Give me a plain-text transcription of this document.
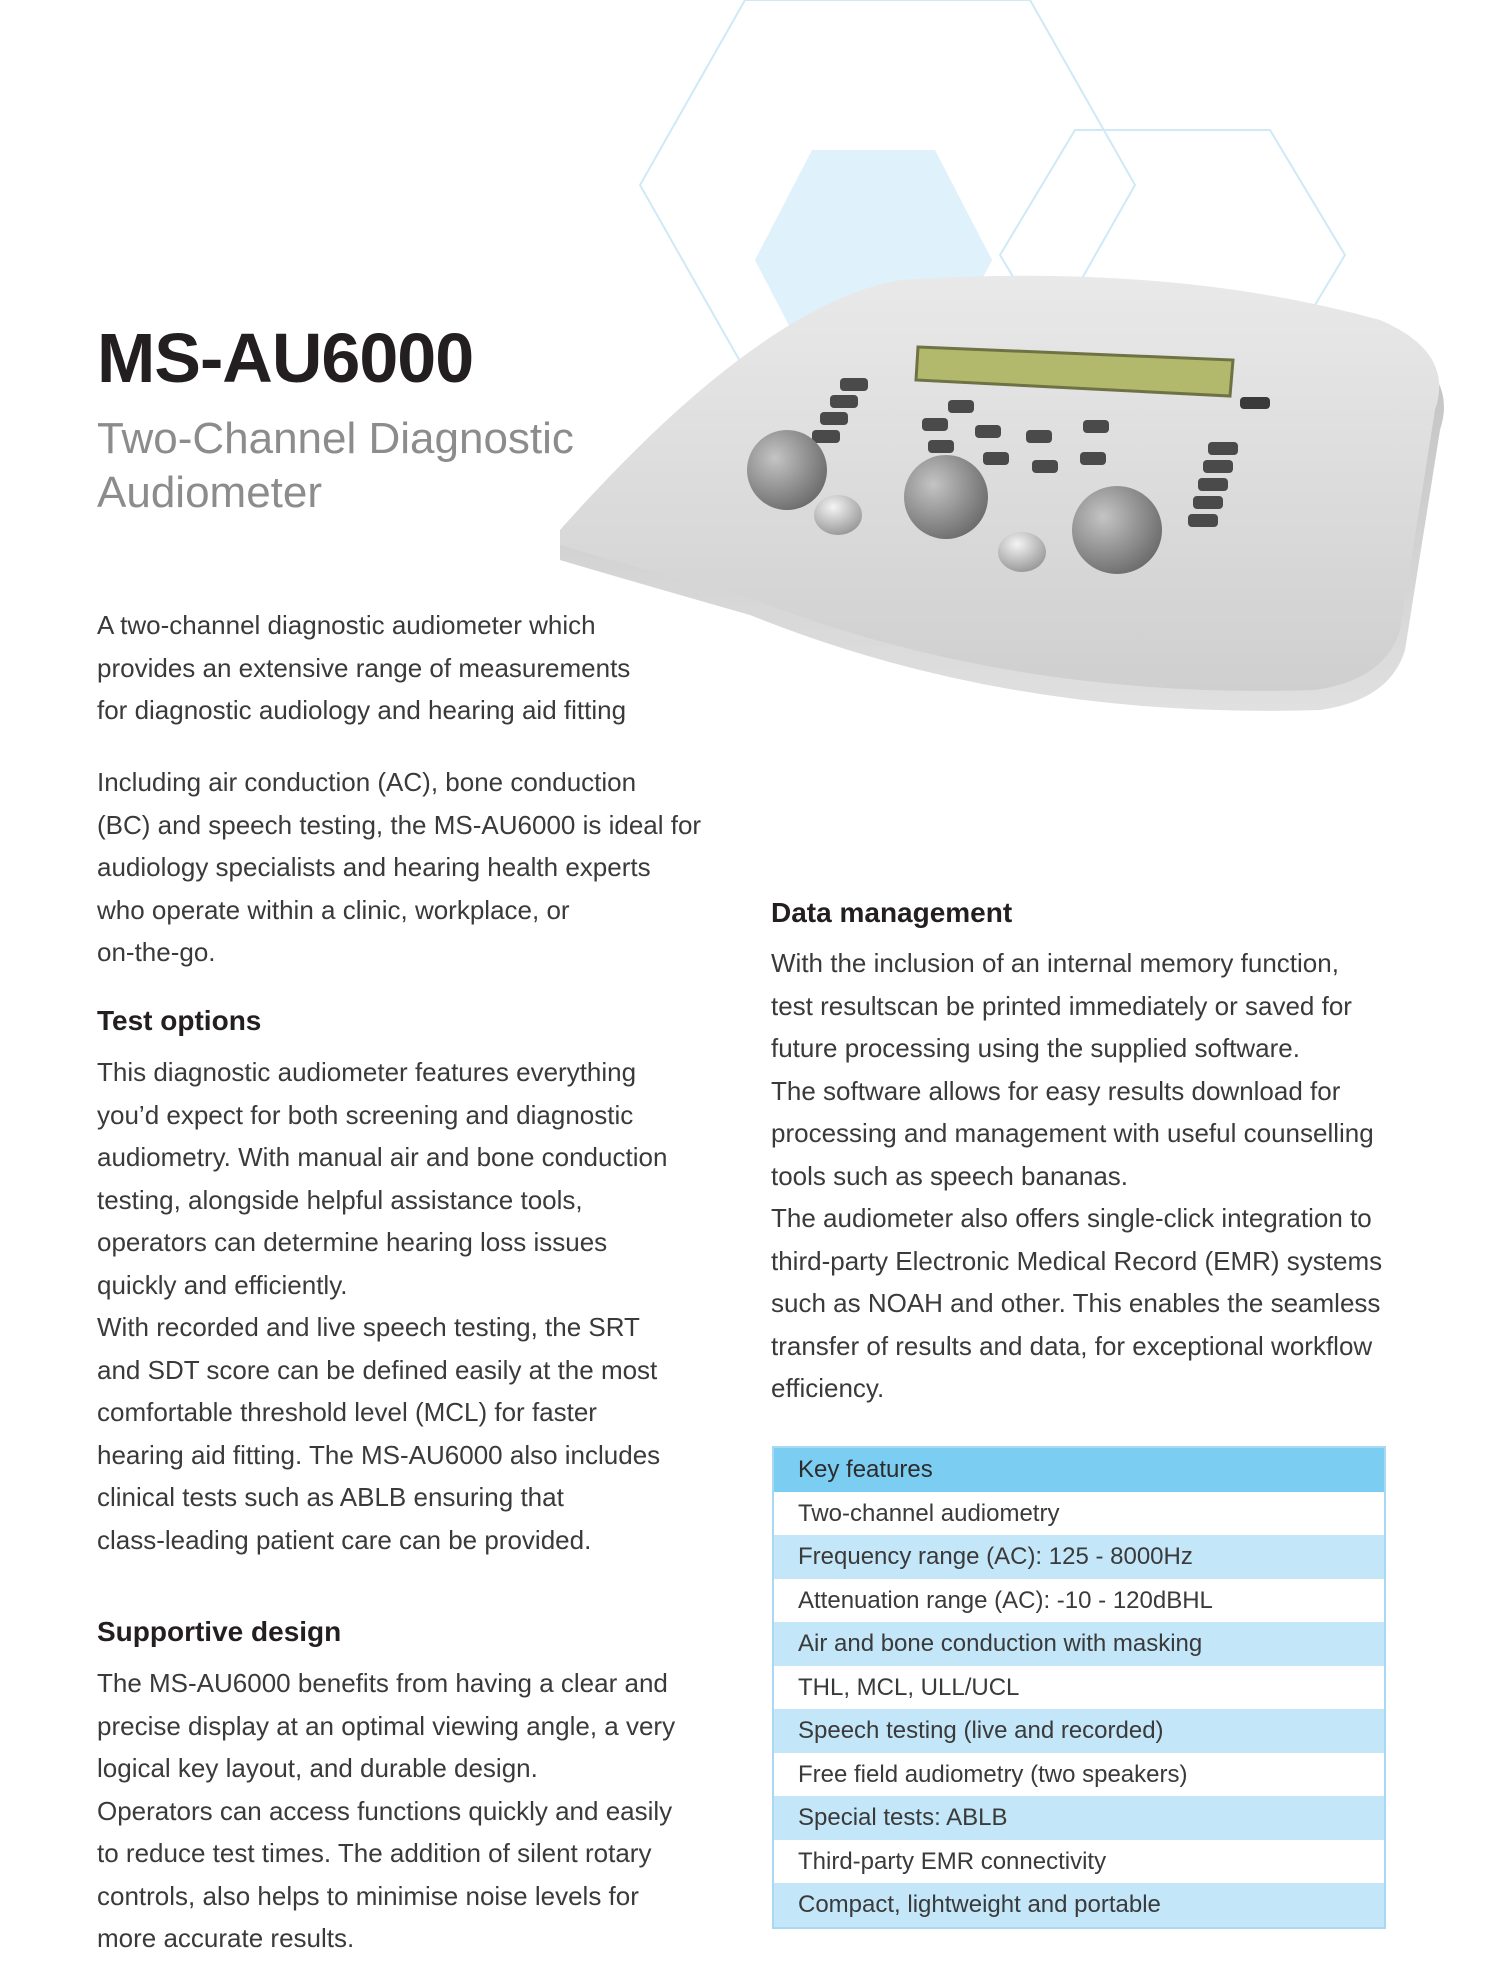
MS-AU6000
Two-Channel Diagnostic
Audiometer

A two-channel diagnostic audiometer which

provides an extensive range of measurements

for diagnostic audiology and hearing aid fitting

Including air conduction (AC), bone conduction

(BC) and speech testing, the MS-AU6000 is ideal for

audiology specialists and hearing health experts

who operate within a clinic, workplace, or

on-the-go.

Test options

This diagnostic audiometer features everything

you’d expect for both screening and diagnostic

audiometry. With manual air and bone conduction

testing, alongside helpful assistance tools,

operators can determine hearing loss issues

quickly and efficiently.

With recorded and live speech testing, the SRT

and SDT score can be defined easily at the most

comfortable threshold level (MCL) for faster

hearing aid fitting. The MS-AU6000 also includes

clinical tests such as ABLB ensuring that

class-leading patient care can be provided.

Supportive design

The MS-AU6000 benefits from having a clear and

precise display at an optimal viewing angle, a very

logical key layout, and durable design.

Operators can access functions quickly and easily

to reduce test times. The addition of silent rotary

controls, also helps to minimise noise levels for

more accurate results.

Data management

With the inclusion of an internal memory function,

test resultscan be printed immediately or saved for

future processing using the supplied software.

The software allows for easy results download for

processing and management with useful counselling

tools such as speech bananas.

The audiometer also offers single-click integration to

third-party Electronic Medical Record (EMR) systems

such as NOAH and other. This enables the seamless

transfer of results and data, for exceptional workflow

efficiency.

Key features
Two-channel audiometry
Frequency range (AC): 125 - 8000Hz
Attenuation range (AC): -10 - 120dBHL
Air and bone conduction with masking
THL, MCL, ULL/UCL
Speech testing (live and recorded)
Free field audiometry (two speakers)
Special tests: ABLB
Third-party EMR connectivity
Compact, lightweight and portable
